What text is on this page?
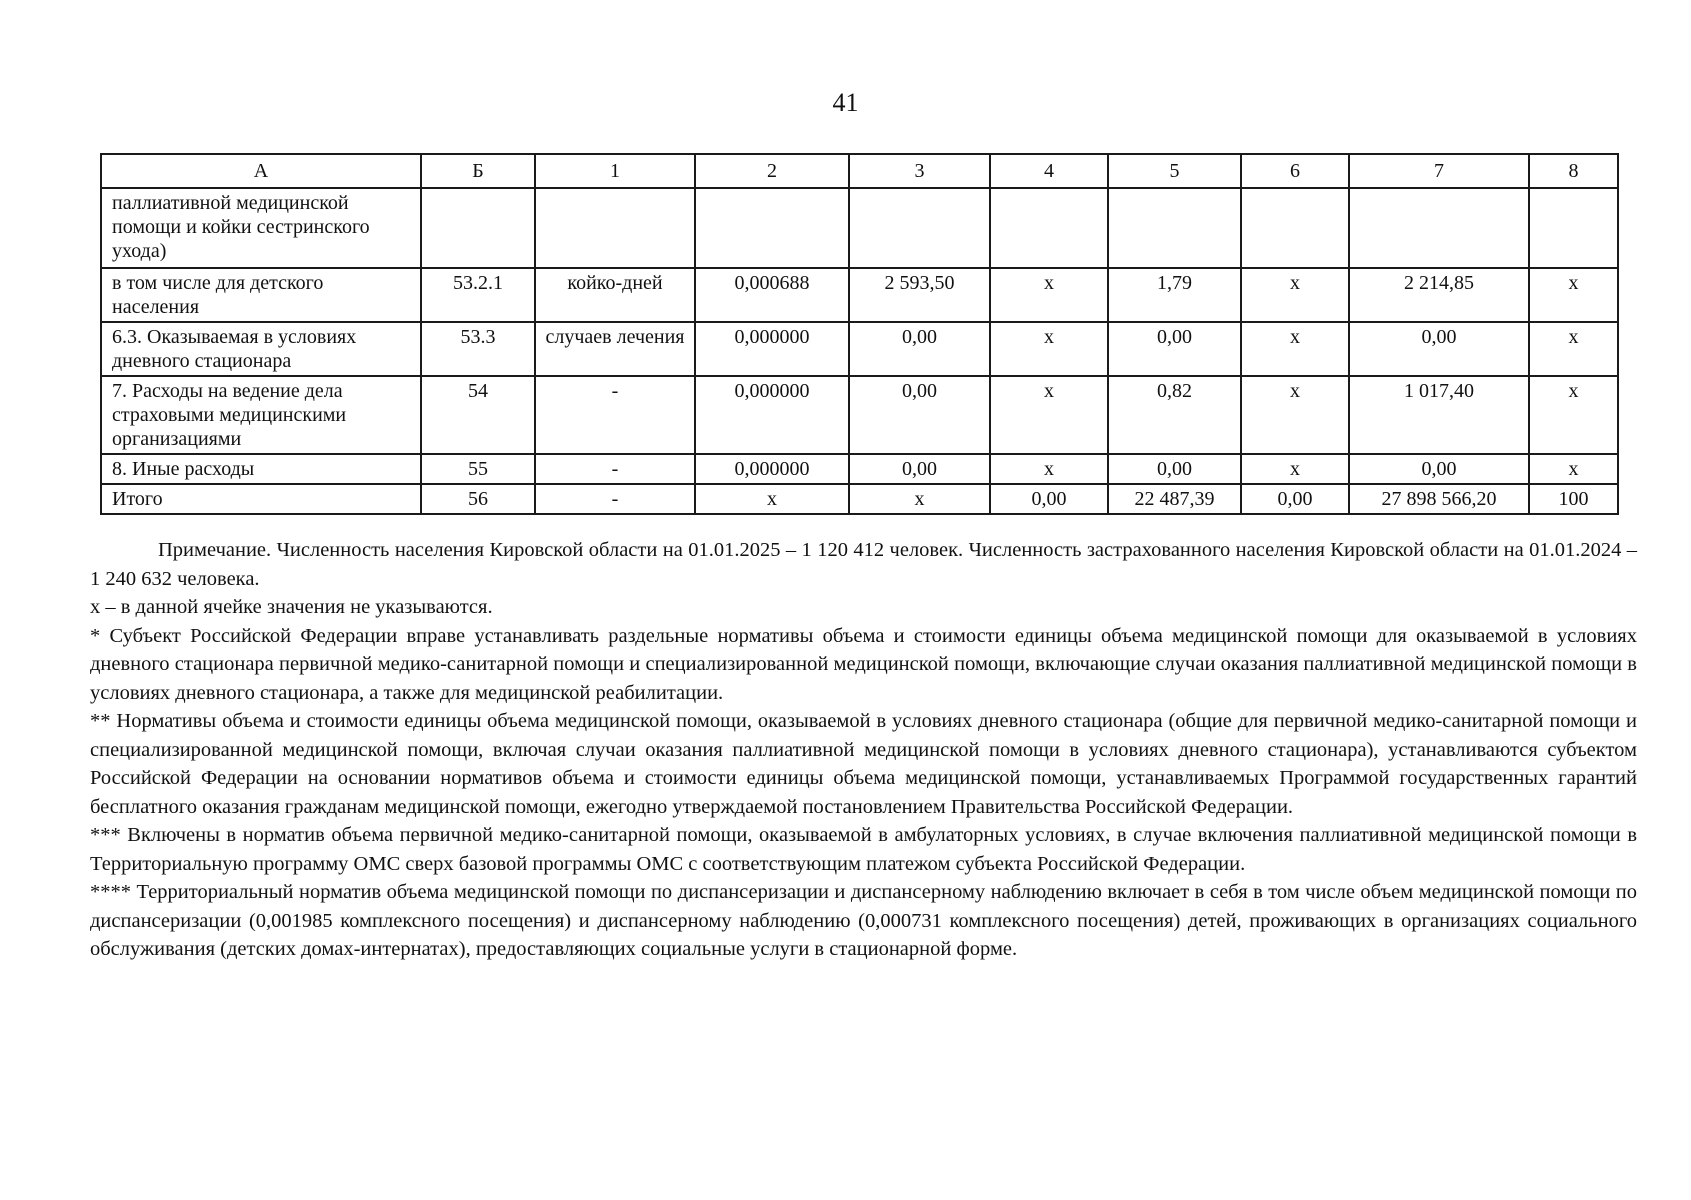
41
А	Б	1	2	3	4	5	6	7	8
паллиативной медицинской помощи и койки сестринского ухода)									
в том числе для детского населения	53.2.1	койко-дней	0,000688	2 593,50	х	1,79	х	2 214,85	х
6.3. Оказываемая в условиях дневного стационара	53.3	случаев лечения	0,000000	0,00	х	0,00	х	0,00	х
7. Расходы на ведение дела страховыми медицинскими организациями	54	-	0,000000	0,00	х	0,82	х	1 017,40	х
8. Иные расходы	55	-	0,000000	0,00	х	0,00	х	0,00	х
Итого	56	-	х	х	0,00	22 487,39	0,00	27 898 566,20	100

Примечание. Численность населения Кировской области на 01.01.2025 – 1 120 412 человек. Численность застрахованного населения Кировской области на 01.01.2024 – 1 240 632 человека.

х – в данной ячейке значения не указываются.

* Субъект Российской Федерации вправе устанавливать раздельные нормативы объема и стоимости единицы объема медицинской помощи для оказываемой в условиях дневного стационара первичной медико-санитарной помощи и специализированной медицинской помощи, включающие случаи оказания паллиативной медицинской помощи в условиях дневного стационара, а также для медицинской реабилитации.

** Нормативы объема и стоимости единицы объема медицинской помощи, оказываемой в условиях дневного стационара (общие для первичной медико-санитарной помощи и специализированной медицинской помощи, включая случаи оказания паллиативной медицинской помощи в условиях дневного стационара), устанавливаются субъектом Российской Федерации на основании нормативов объема и стоимости единицы объема медицинской помощи, устанавливаемых Программой государственных гарантий бесплатного оказания гражданам медицинской помощи, ежегодно утверждаемой постановлением Правительства Российской Федерации.

*** Включены в норматив объема первичной медико-санитарной помощи, оказываемой в амбулаторных условиях, в случае включения паллиативной медицинской помощи в Территориальную программу ОМС сверх базовой программы ОМС с соответствующим платежом субъекта Российской Федерации.

**** Территориальный норматив объема медицинской помощи по диспансеризации и диспансерному наблюдению включает в себя в том числе объем медицинской помощи по диспансеризации (0,001985 комплексного посещения) и диспансерному наблюдению (0,000731 комплексного посещения) детей, проживающих в организациях социального обслуживания (детских домах-интернатах), предоставляющих социальные услуги в стационарной форме.
